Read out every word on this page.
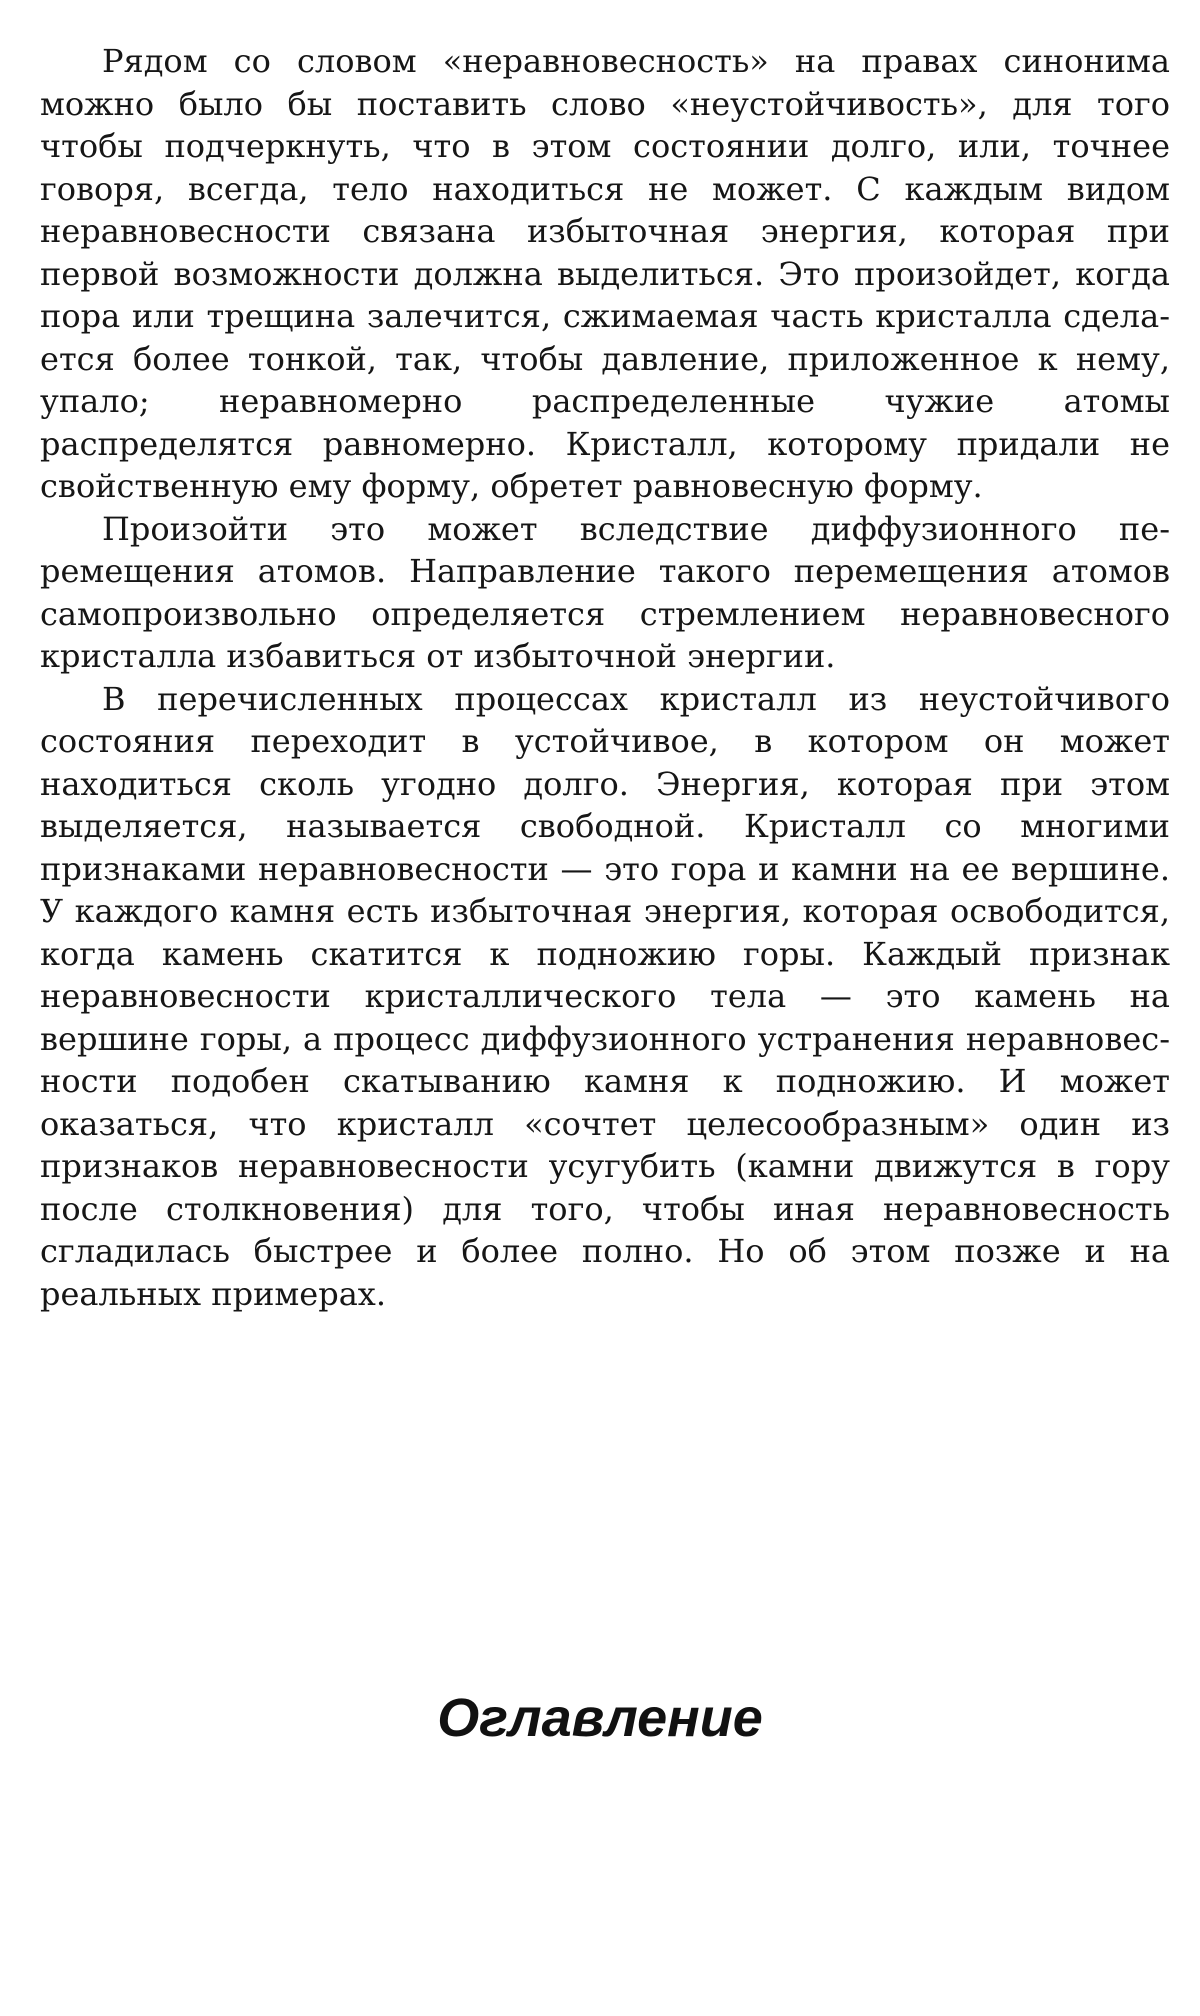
Рядом со словом «неравновесность» на правах синонима можно было бы поставить слово «неустойчивость», для того чтобы подчеркнуть, что в этом состоянии долго, или, точнее говоря, всегда, тело находиться не может. С каждым видом неравновесности связана избыточная энергия, которая при первой возможности должна выделиться. Это произойдет, когда пора или трещина залечится, сжимаемая часть кристалла сделается более тонкой, так, чтобы давление, приложенное к нему, упало; неравномерно распределенные чужие атомы распределятся равномерно. Кристалл, которому придали не свойственную ему форму, обретет равновесную форму.

Произойти это может вследствие диффузионного перемещения атомов. Направление такого перемещения атомов самопроизвольно определяется стремлением неравновесного кристалла избавиться от избыточной энергии.

В перечисленных процессах кристалл из неустойчивого состояния переходит в устойчивое, в котором он может находиться сколь угодно долго. Энергия, которая при этом выделяется, называется свободной. Кристалл со многими признаками неравновесности — это гора и камни на ее вершине. У каждого камня есть избыточная энергия, которая освободится, когда камень скатится к подножию горы. Каждый признак неравновесности кристаллического тела — это камень на вершине горы, а процесс диффузионного устранения неравновесности подобен скатыванию камня к подножию. И может оказаться, что кристалл «сочтет целесообразным» один из признаков неравновесности усугубить (камни движутся в гору после столкновения) для того, чтобы иная неравновесность сгладилась быстрее и более полно. Но об этом позже и на реальных примерах.

Оглавление
